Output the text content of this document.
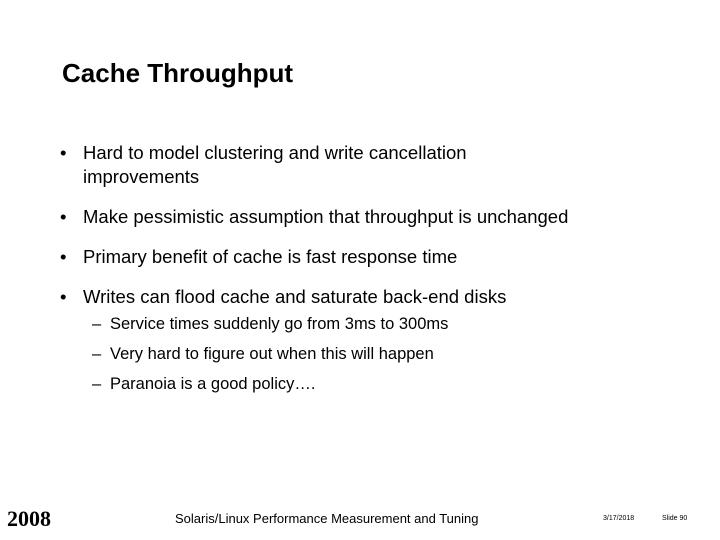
Cache Throughput
• Hard to model clustering and write cancellation improvements
• Make pessimistic assumption that throughput is unchanged
• Primary benefit of cache is fast response time
• Writes can flood cache and saturate back-end disks
– Service times suddenly go from 3ms to 300ms
– Very hard to figure out when this will happen
– Paranoia is a good policy….
2008	Solaris/Linux Performance Measurement and Tuning	3/17/2018	Slide 90
